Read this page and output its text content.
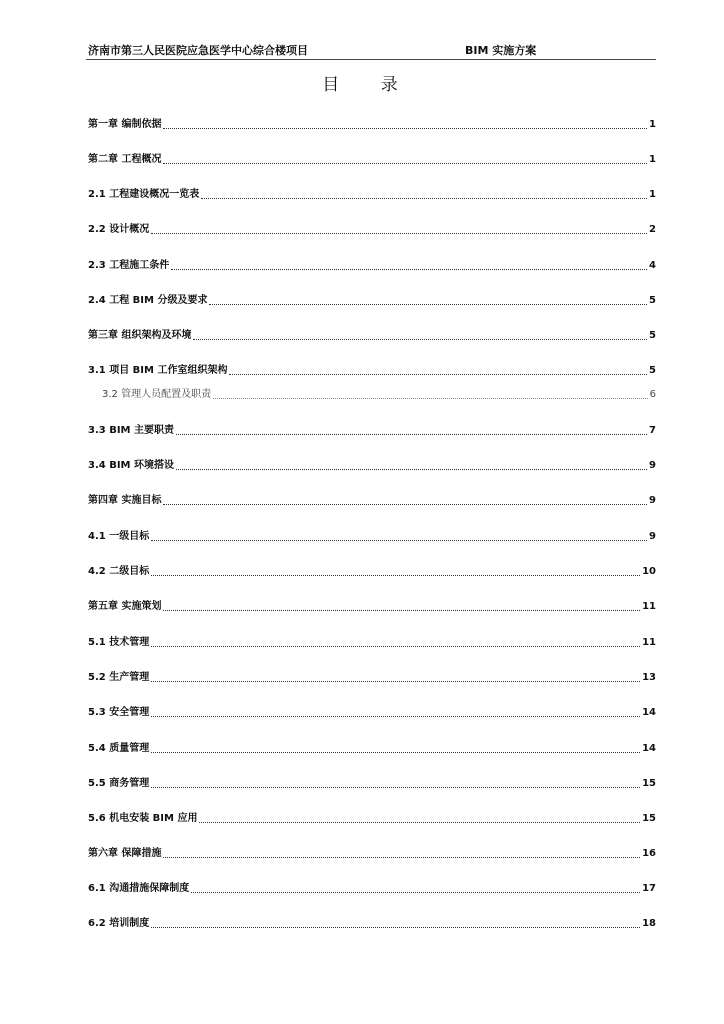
济南市第三人民医院应急医学中心综合楼项目	BIM 实施方案
目 录
第一章 编制依据	1
第二章 工程概况	1
2.1 工程建设概况一览表	1
2.2 设计概况	2
2.3 工程施工条件	4
2.4 工程 BIM 分级及要求	5
第三章 组织架构及环境	5
3.1 项目 BIM 工作室组织架构	5
3.2 管理人员配置及职责	6
3.3 BIM 主要职责	7
3.4 BIM 环境搭设	9
第四章 实施目标	9
4.1 一级目标	9
4.2 二级目标	10
第五章 实施策划	11
5.1 技术管理	11
5.2 生产管理	13
5.3 安全管理	14
5.4 质量管理	14
5.5 商务管理	15
5.6 机电安装 BIM 应用	15
第六章 保障措施	16
6.1 沟通措施保障制度	17
6.2 培训制度	18
